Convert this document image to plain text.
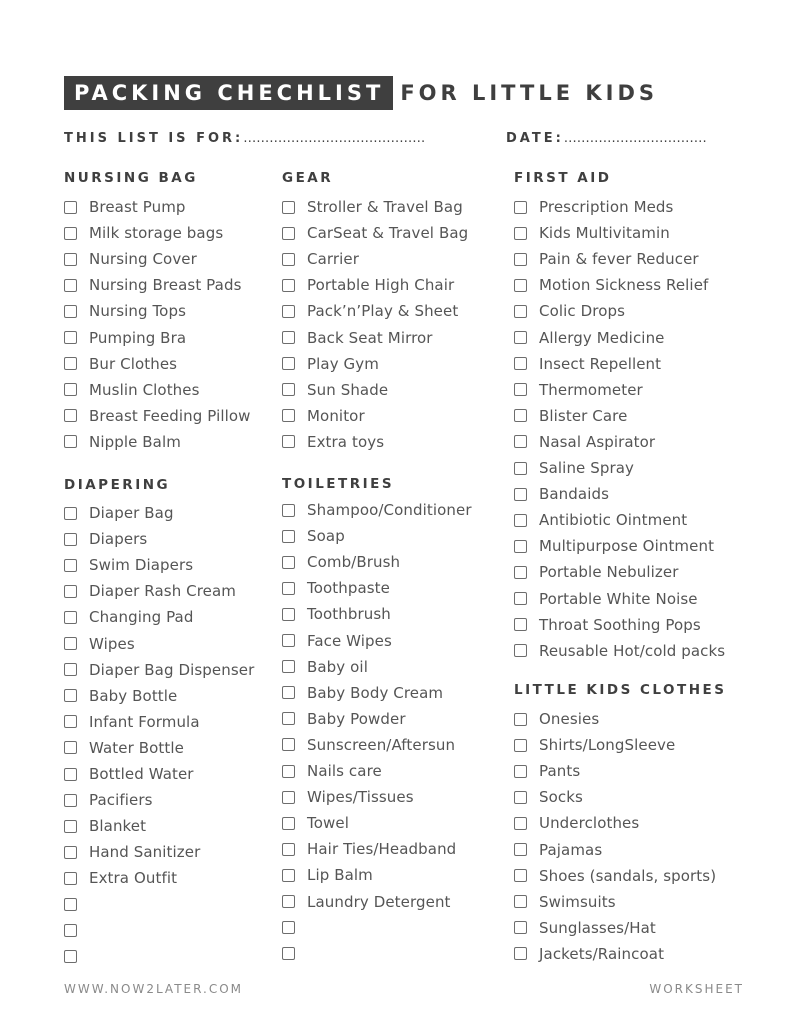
PACKING CHECHLIST FOR LITTLE KIDS
THIS LIST IS FOR:……………………………………	DATE:……………………………
NURSING BAG
Breast Pump
Milk storage bags
Nursing Cover
Nursing Breast Pads
Nursing Tops
Pumping Bra
Bur Clothes
Muslin Clothes
Breast Feeding Pillow
Nipple Balm
DIAPERING
Diaper Bag
Diapers
Swim Diapers
Diaper Rash Cream
Changing Pad
Wipes
Diaper Bag Dispenser
Baby Bottle
Infant Formula
Water Bottle
Bottled Water
Pacifiers
Blanket
Hand Sanitizer
Extra Outfit
GEAR
Stroller & Travel Bag
CarSeat & Travel Bag
Carrier
Portable High Chair
Pack’n’Play & Sheet
Back Seat Mirror
Play Gym
Sun Shade
Monitor
Extra toys
TOILETRIES
Shampoo/Conditioner
Soap
Comb/Brush
Toothpaste
Toothbrush
Face Wipes
Baby oil
Baby Body Cream
Baby Powder
Sunscreen/Aftersun
Nails care
Wipes/Tissues
Towel
Hair Ties/Headband
Lip Balm
Laundry Detergent
FIRST AID
Prescription Meds
Kids Multivitamin
Pain & fever Reducer
Motion Sickness Relief
Colic Drops
Allergy Medicine
Insect Repellent
Thermometer
Blister Care
Nasal Aspirator
Saline Spray
Bandaids
Antibiotic Ointment
Multipurpose Ointment
Portable Nebulizer
Portable White Noise
Throat Soothing Pops
Reusable Hot/cold packs
LITTLE KIDS CLOTHES
Onesies
Shirts/LongSleeve
Pants
Socks
Underclothes
Pajamas
Shoes (sandals, sports)
Swimsuits
Sunglasses/Hat
Jackets/Raincoat
WWW.NOW2LATER.COM	WORKSHEET
